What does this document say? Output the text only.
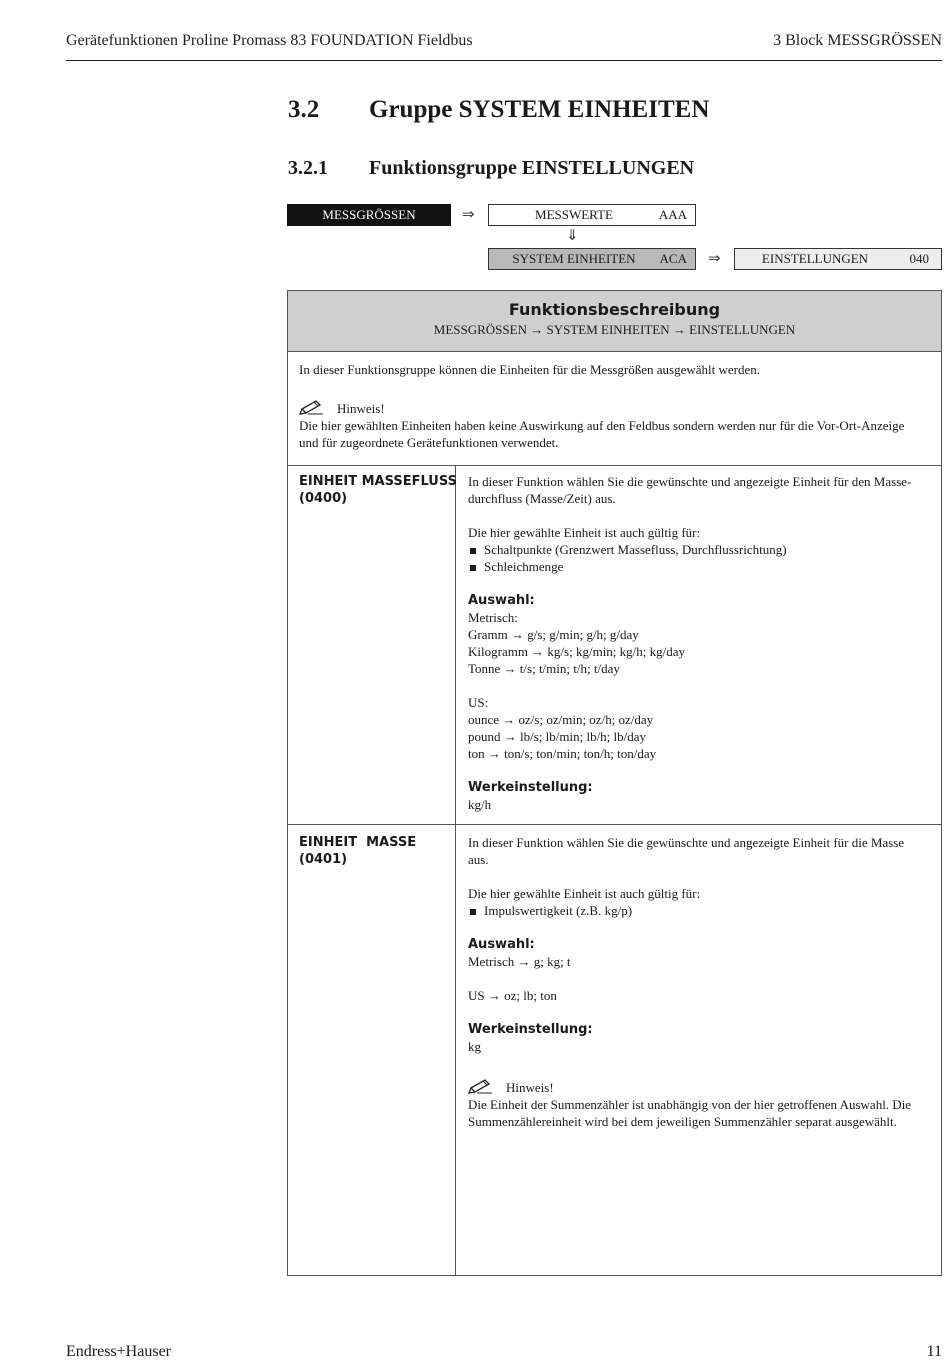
Gerätefunktionen Proline Promass 83 FOUNDATION Fieldbus	3 Block MESSGRÖSSEN
3.2 Gruppe SYSTEM EINHEITEN
3.2.1 Funktionsgruppe EINSTELLUNGEN
MESSGRÖSSEN	⇒	MESSWERTE	AAA
⇓
SYSTEM EINHEITEN	ACA ⇒	EINSTELLUNGEN	040
Funktionsbeschreibung
MESSGRÖSSEN → SYSTEM EINHEITEN → EINSTELLUNGEN
In dieser Funktionsgruppe können die Einheiten für die Messgrößen ausgewählt werden.
Hinweis!
Die hier gewählten Einheiten haben keine Auswirkung auf den Feldbus sondern werden nur für die Vor-Ort-Anzeige
und für zugeordnete Gerätefunktionen verwendet.
EINHEIT MASSEFLUSS
(0400)
In dieser Funktion wählen Sie die gewünschte und angezeigte Einheit für den Masse-
durchfluss (Masse/Zeit) aus.
Die hier gewählte Einheit ist auch gültig für:
Schaltpunkte (Grenzwert Massefluss, Durchflussrichtung)
Schleichmenge
Auswahl:
Metrisch:
Gramm → g/s; g/min; g/h; g/day
Kilogramm → kg/s; kg/min; kg/h; kg/day
Tonne → t/s; t/min; t/h; t/day
US:
ounce → oz/s; oz/min; oz/h; oz/day
pound → lb/s; lb/min; lb/h; lb/day
ton → ton/s; ton/min; ton/h; ton/day
Werkeinstellung:
kg/h
EINHEIT  MASSE
(0401)
In dieser Funktion wählen Sie die gewünschte und angezeigte Einheit für die Masse
aus.
Die hier gewählte Einheit ist auch gültig für:
Impulswertigkeit (z.B. kg/p)
Auswahl:
Metrisch → g; kg; t
US → oz; lb; ton
Werkeinstellung:
kg
Hinweis!
Die Einheit der Summenzähler ist unabhängig von der hier getroffenen Auswahl. Die
Summenzählereinheit wird bei dem jeweiligen Summenzähler separat ausgewählt.
Endress+Hauser	11
